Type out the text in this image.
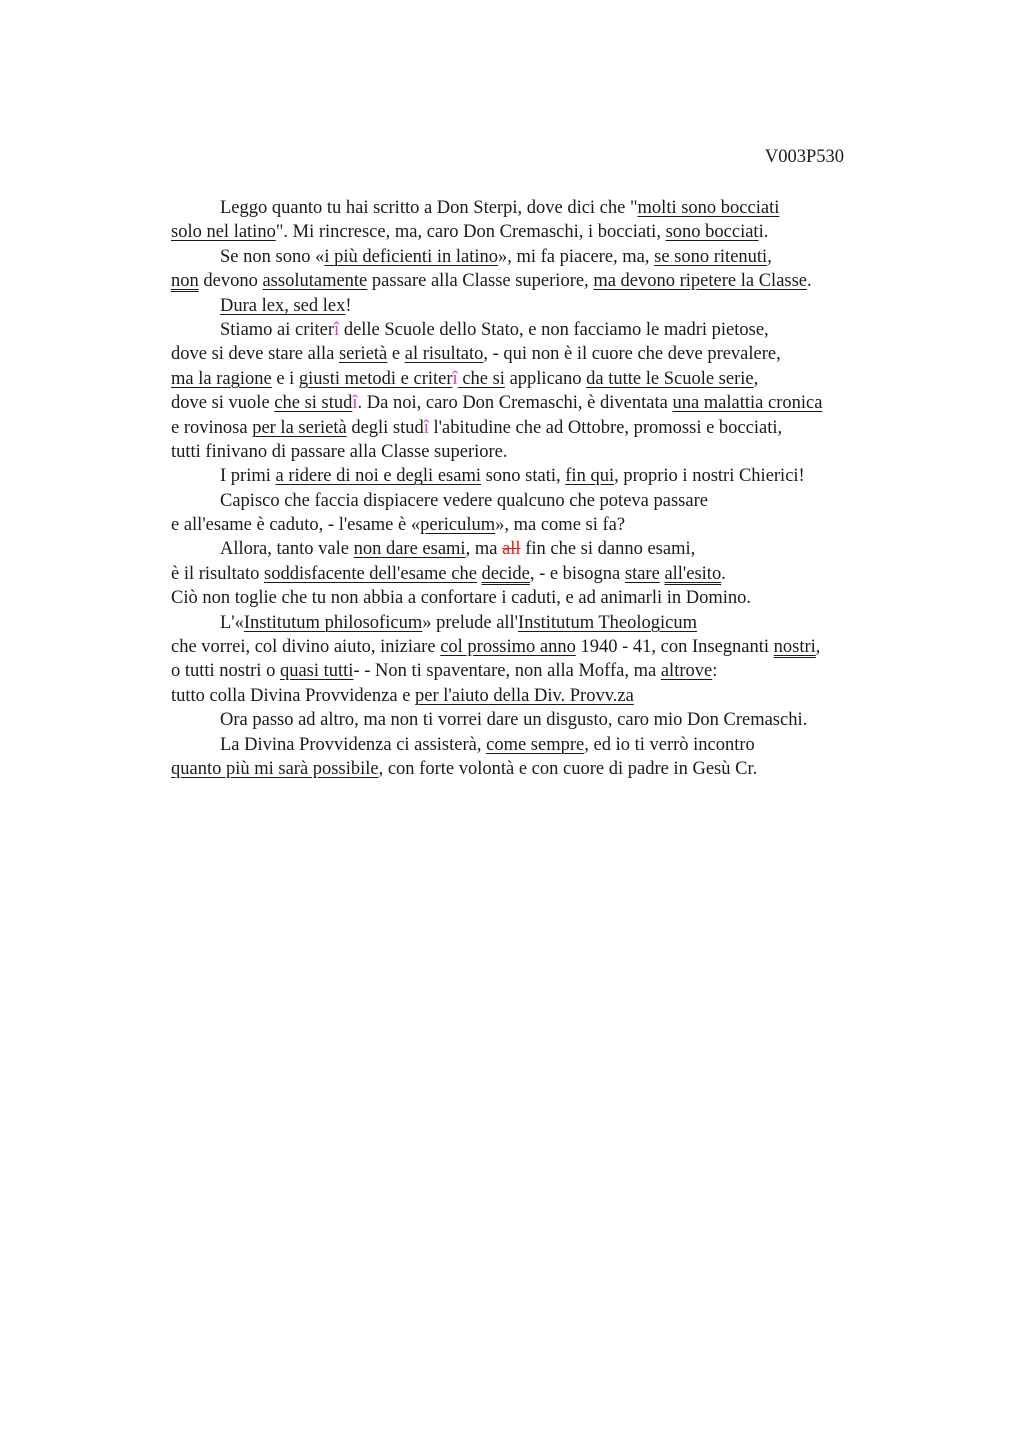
V003P530
Leggo quanto tu hai scritto a Don Sterpi, dove dici che "molti sono bocciati
solo nel latino". Mi rincresce, ma, caro Don Cremaschi, i bocciati, sono bocciati.
Se non sono «i più deficienti in latino», mi fa piacere, ma, se sono ritenuti,
non devono assolutamente passare alla Classe superiore, ma devono ripetere la Classe.
Dura lex, sed lex!
Stiamo ai criterî delle Scuole dello Stato, e non facciamo le madri pietose,
dove si deve stare alla serietà e al risultato, - qui non è il cuore che deve prevalere,
ma la ragione e i giusti metodi e criterî che si applicano da tutte le Scuole serie,
dove si vuole che si studî. Da noi, caro Don Cremaschi, è diventata una malattia cronica
e rovinosa per la serietà degli studî l'abitudine che ad Ottobre, promossi e bocciati,
tutti finivano di passare alla Classe superiore.
I primi a ridere di noi e degli esami sono stati, fin qui, proprio i nostri Chierici!
Capisco che faccia dispiacere vedere qualcuno che poteva passare
e all'esame è caduto, - l'esame è «periculum», ma come si fa?
Allora, tanto vale non dare esami, ma all fin che si danno esami,
è il risultato soddisfacente dell'esame che decide, - e bisogna stare all'esito.
Ciò non toglie che tu non abbia a confortare i caduti, e ad animarli in Domino.
L'«Institutum philosoficum» prelude all'Institutum Theologicum
che vorrei, col divino aiuto, iniziare col prossimo anno 1940 - 41, con Insegnanti nostri,
o tutti nostri o quasi tutti- - Non ti spaventare, non alla Moffa, ma altrove:
tutto colla Divina Provvidenza e per l'aiuto della Div. Provv.za
Ora passo ad altro, ma non ti vorrei dare un disgusto, caro mio Don Cremaschi.
La Divina Provvidenza ci assisterà, come sempre, ed io ti verrò incontro
quanto più mi sarà possibile, con forte volontà e con cuore di padre in Gesù Cr.
